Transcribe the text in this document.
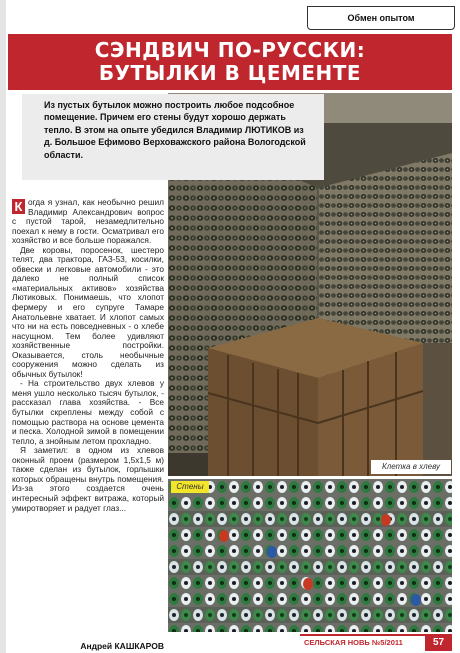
Обмен опытом
СЭНДВИЧ ПО-РУССКИ:
БУТЫЛКИ В ЦЕМЕНТЕ

Из пустых бутылок можно построить любое подсобное помещение. Причем его стены будут хорошо держать тепло. В этом на опыте убедился Владимир ЛЮТИКОВ из д. Большое Ефимово Верховажского района Вологодской области.

Клетка в хлеву
Стены

К огда я узнал, как необычно решил Владимир Александрович вопрос с пустой тарой, незамедлительно поехал к нему в гости. Осматривал его хозяйство и все больше поражался.

Две коровы, поросенок, шестеро телят, два трактора, ГАЗ-53, косилки, обвески и легковые автомобили - это далеко не полный список «материальных активов» хозяйства Лютиковых. Понимаешь, что хлопот фермеру и его супруге Тамаре Анатольевне хватает. И хлопот самых что ни на есть повседневных - о хлебе насущном. Тем более удивляют хозяйственные постройки. Оказывается, столь необычные сооружения можно сделать из обычных бутылок!

- На строительство двух хлевов у меня ушло несколько тысяч бутылок, - рассказал глава хозяйства. - Все бутылки скреплены между собой с помощью раствора на основе цемента и песка. Холодной зимой в помещении тепло, а знойным летом прохладно.

Я заметил: в одном из хлевов оконный проем (размером 1,5х1,5 м) также сделан из бутылок, горлышки которых обращены внутрь помещения. Из-за этого создается очень интересный эффект витража, который умиротворяет и радует глаз...

Андрей КАШКАРОВ	СЕЛЬСКАЯ НОВЬ №5/2011	57
